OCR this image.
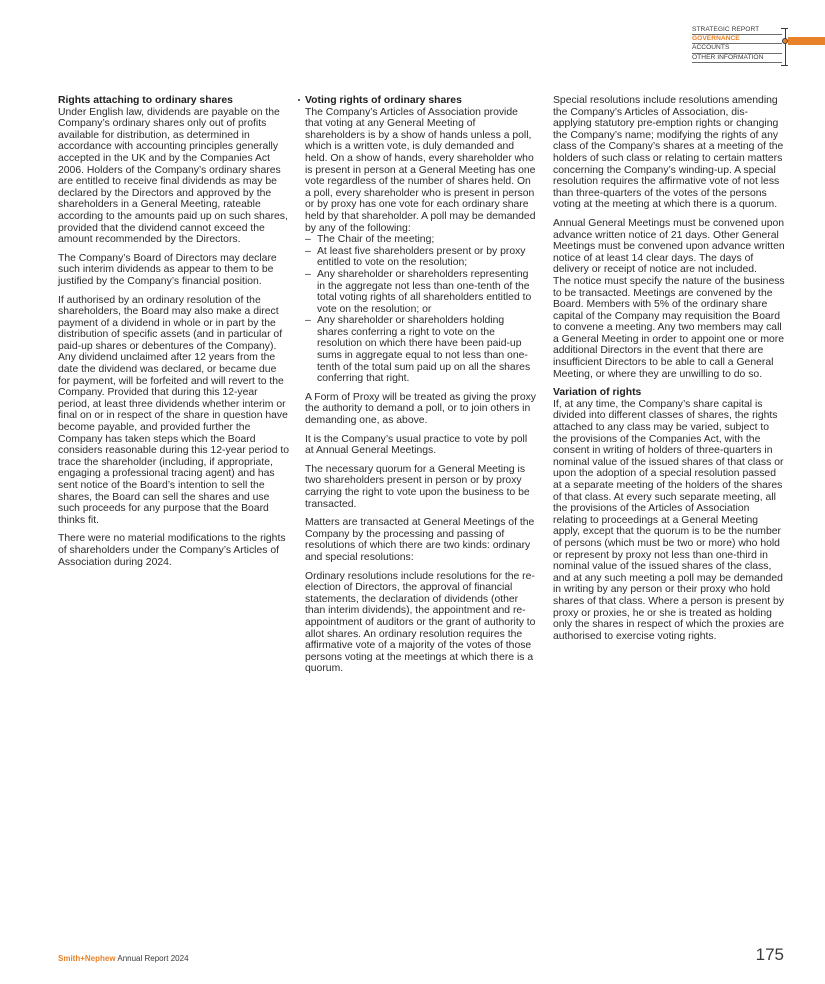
STRATEGIC REPORT
GOVERNANCE
ACCOUNTS
OTHER INFORMATION
Rights attaching to ordinary shares

Under English law, dividends are payable on the Company’s ordinary shares only out of profits available for distribution, as determined in accordance with accounting principles generally accepted in the UK and by the Companies Act 2006. Holders of the Company’s ordinary shares are entitled to receive final dividends as may be declared by the Directors and approved by the shareholders in a General Meeting, rateable according to the amounts paid up on such shares, provided that the dividend cannot exceed the amount recommended by the Directors.

The Company’s Board of Directors may declare such interim dividends as appear to them to be justified by the Company’s financial position.

If authorised by an ordinary resolution of the shareholders, the Board may also make a direct payment of a dividend in whole or in part by the distribution of specific assets (and in particular of paid-up shares or debentures of the Company).

Any dividend unclaimed after 12 years from the date the dividend was declared, or became due for payment, will be forfeited and will revert to the Company. Provided that during this 12-year period, at least three dividends whether interim or final on or in respect of the share in question have become payable, and provided further the Company has taken steps which the Board considers reasonable during this 12-year period to trace the shareholder (including, if appropriate, engaging a professional tracing agent) and has sent notice of the Board’s intention to sell the shares, the Board can sell the shares and use such proceeds for any purpose that the Board thinks fit.

There were no material modifications to the rights of shareholders under the Company’s Articles of Association during 2024.

Voting rights of ordinary shares

The Company’s Articles of Association provide that voting at any General Meeting of shareholders is by a show of hands unless a poll, which is a written vote, is duly demanded and held. On a show of hands, every shareholder who is present in person at a General Meeting has one vote regardless of the number of shares held. On a poll, every shareholder who is present in person or by proxy has one vote for each ordinary share held by that shareholder. A poll may be demanded by any of the following:

– The Chair of the meeting;
– At least five shareholders present or by proxy entitled to vote on the resolution;
– Any shareholder or shareholders representing in the aggregate not less than one-tenth of the total voting rights of all shareholders entitled to vote on the resolution; or
– Any shareholder or shareholders holding shares conferring a right to vote on the resolution on which there have been paid-up sums in aggregate equal to not less than one-tenth of the total sum paid up on all the shares conferring that right.

A Form of Proxy will be treated as giving the proxy the authority to demand a poll, or to join others in demanding one, as above.

It is the Company’s usual practice to vote by poll at Annual General Meetings.

The necessary quorum for a General Meeting is two shareholders present in person or by proxy carrying the right to vote upon the business to be transacted.

Matters are transacted at General Meetings of the Company by the processing and passing of resolutions of which there are two kinds: ordinary and special resolutions:

Ordinary resolutions include resolutions for the re-election of Directors, the approval of financial statements, the declaration of dividends (other than interim dividends), the appointment and re-appointment of auditors or the grant of authority to allot shares. An ordinary resolution requires the affirmative vote of a majority of the votes of those persons voting at the meetings at which there is a quorum.

Special resolutions include resolutions amending the Company’s Articles of Association, dis-applying statutory pre-emption rights or changing the Company’s name; modifying the rights of any class of the Company’s shares at a meeting of the holders of such class or relating to certain matters concerning the Company’s winding-up. A special resolution requires the affirmative vote of not less than three-quarters of the votes of the persons voting at the meeting at which there is a quorum.

Annual General Meetings must be convened upon advance written notice of 21 days. Other General Meetings must be convened upon advance written notice of at least 14 clear days. The days of delivery or receipt of notice are not included.

The notice must specify the nature of the business to be transacted. Meetings are convened by the Board. Members with 5% of the ordinary share capital of the Company may requisition the Board to convene a meeting. Any two members may call a General Meeting in order to appoint one or more additional Directors in the event that there are insufficient Directors to be able to call a General Meeting, or where they are unwilling to do so.

Variation of rights

If, at any time, the Company’s share capital is divided into different classes of shares, the rights attached to any class may be varied, subject to the provisions of the Companies Act, with the consent in writing of holders of three-quarters in nominal value of the issued shares of that class or upon the adoption of a special resolution passed at a separate meeting of the holders of the shares of that class. At every such separate meeting, all the provisions of the Articles of Association relating to proceedings at a General Meeting apply, except that the quorum is to be the number of persons (which must be two or more) who hold or represent by proxy not less than one-third in nominal value of the issued shares of the class, and at any such meeting a poll may be demanded in writing by any person or their proxy who hold shares of that class. Where a person is present by proxy or proxies, he or she is treated as holding only the shares in respect of which the proxies are authorised to exercise voting rights.

Smith+Nephew Annual Report 2024	175
